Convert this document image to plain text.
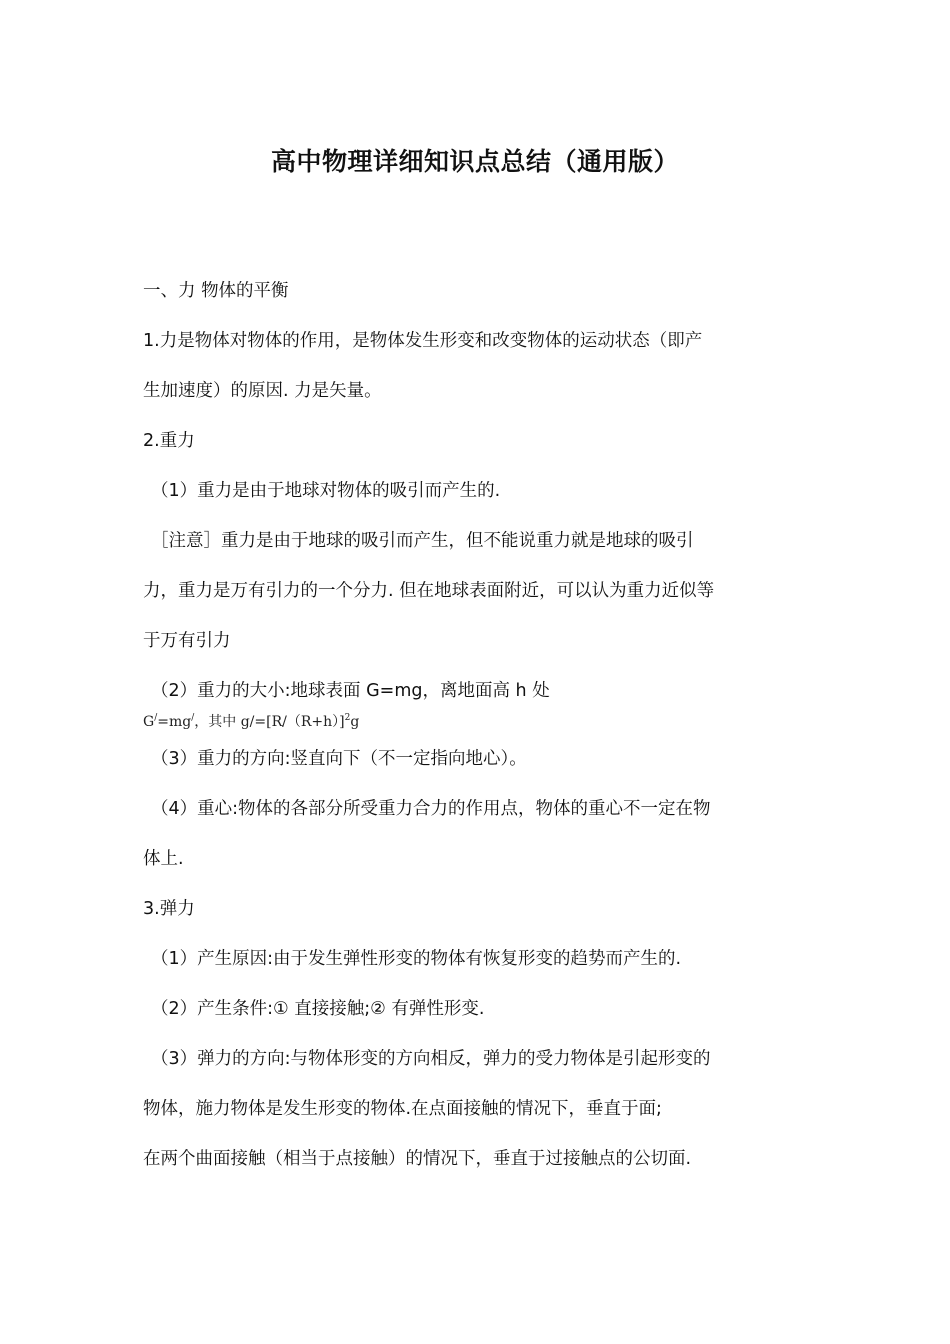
高中物理详细知识点总结（通用版）

一、力 物体的平衡

1.力是物体对物体的作用，是物体发生形变和改变物体的运动状态（即产

生加速度）的原因. 力是矢量。

2.重力

（1）重力是由于地球对物体的吸引而产生的.

［注意］重力是由于地球的吸引而产生，但不能说重力就是地球的吸引

力，重力是万有引力的一个分力. 但在地球表面附近，可以认为重力近似等

于万有引力

（2）重力的大小:地球表面 G=mg，离地面高 h 处

G/=mg/，其中 $g/=[R/(R+h)]^2g$

（3）重力的方向:竖直向下（不一定指向地心）。

（4）重心:物体的各部分所受重力合力的作用点，物体的重心不一定在物

体上.

3.弹力

（1）产生原因:由于发生弹性形变的物体有恢复形变的趋势而产生的.

（2）产生条件:① 直接接触;② 有弹性形变.

（3）弹力的方向:与物体形变的方向相反，弹力的受力物体是引起形变的

物体，施力物体是发生形变的物体.在点面接触的情况下，垂直于面;

在两个曲面接触（相当于点接触）的情况下，垂直于过接触点的公切面.
